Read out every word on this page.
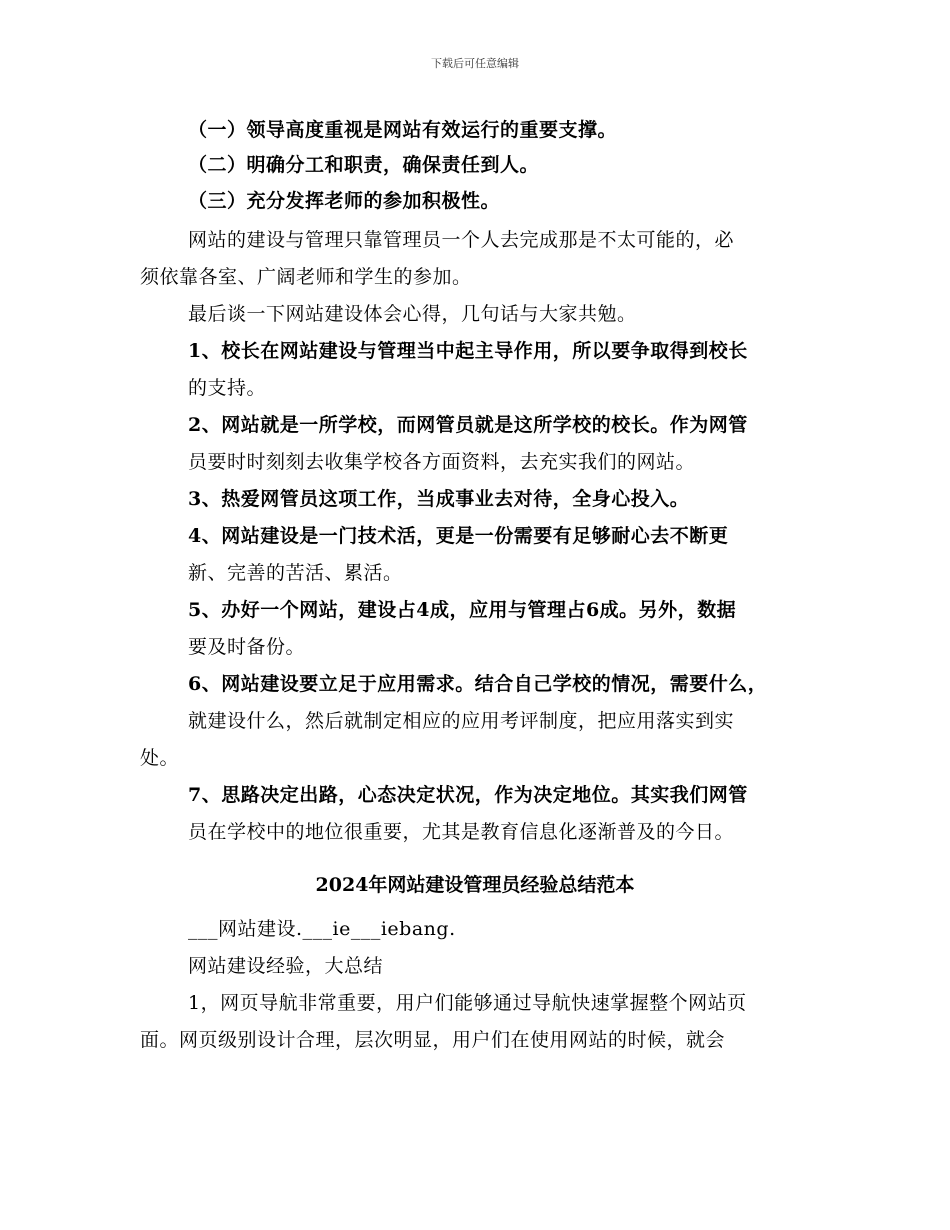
下载后可任意编辑
（一）领导高度重视是网站有效运行的重要支撑。
（二）明确分工和职责，确保责任到人。
（三）充分发挥老师的参加积极性。
网站的建设与管理只靠管理员一个人去完成那是不太可能的，必
须依靠各室、广阔老师和学生的参加。
最后谈一下网站建设体会心得，几句话与大家共勉。
1、校长在网站建设与管理当中起主导作用，所以要争取得到校长
的支持。
2、网站就是一所学校，而网管员就是这所学校的校长。作为网管
员要时时刻刻去收集学校各方面资料，去充实我们的网站。
3、热爱网管员这项工作，当成事业去对待，全身心投入。
4、网站建设是一门技术活，更是一份需要有足够耐心去不断更
新、完善的苦活、累活。
5、办好一个网站，建设占4成，应用与管理占6成。另外，数据
要及时备份。
6、网站建设要立足于应用需求。结合自己学校的情况，需要什么，
就建设什么，然后就制定相应的应用考评制度，把应用落实到实
处。
7、思路决定出路，心态决定状况，作为决定地位。其实我们网管
员在学校中的地位很重要，尤其是教育信息化逐渐普及的今日。
2024年网站建设管理员经验总结范本
___网站建设.___ie___iebang.
网站建设经验，大总结
1，网页导航非常重要，用户们能够通过导航快速掌握整个网站页
面。网页级别设计合理，层次明显，用户们在使用网站的时候，就会
